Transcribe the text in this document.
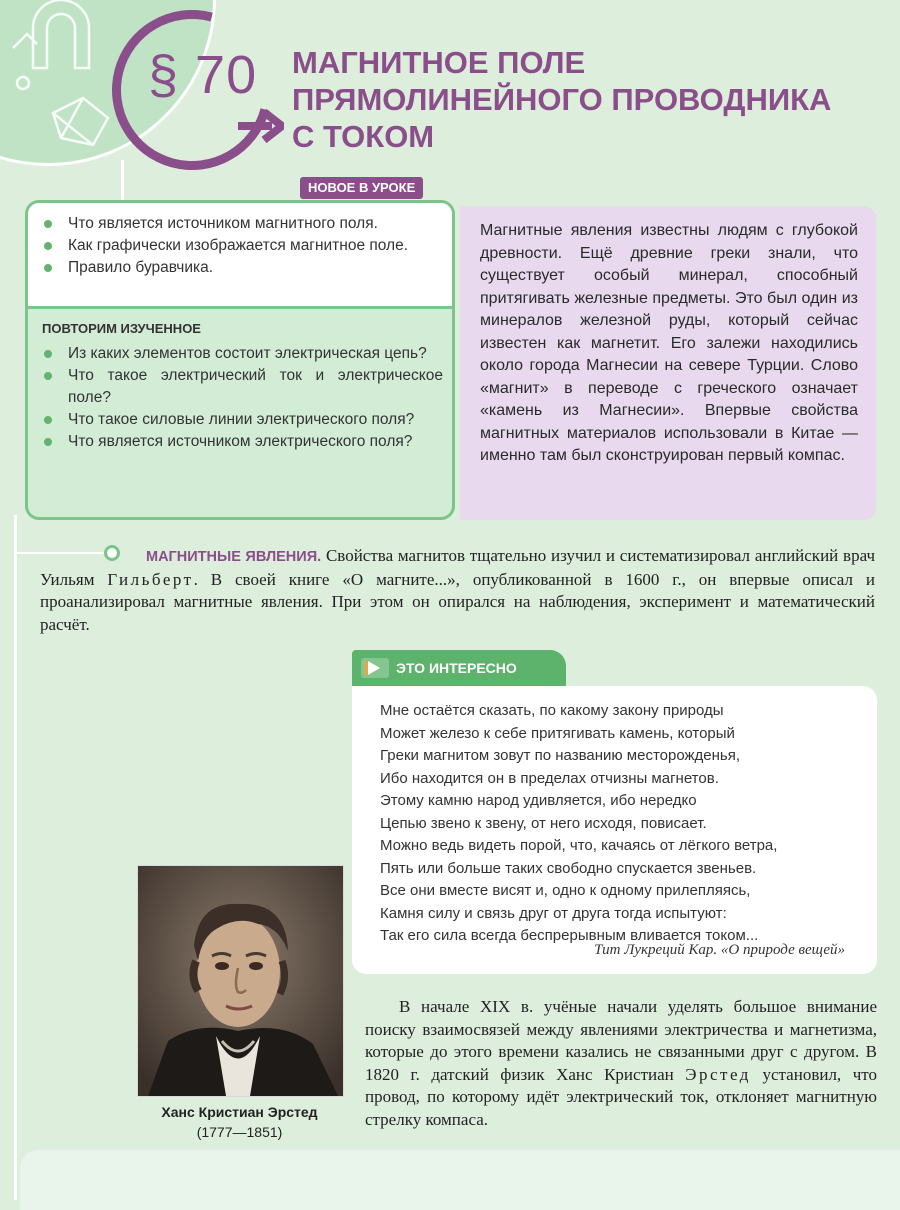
§ 70 МАГНИТНОЕ ПОЛЕ
ПРЯМОЛИНЕЙНОГО ПРОВОДНИКА
С ТОКОМ
НОВОЕ В УРОКЕ
Что является источником магнитного поля.
Как графически изображается магнитное поле.
Правило буравчика.
ПОВТОРИМ ИЗУЧЕННОЕ
Из каких элементов состоит электрическая цепь?
Что такое электрический ток и электрическое поле?
Что такое силовые линии электрического поля?
Что является источником электрического поля?
Магнитные явления известны людям с глубокой древности. Ещё древние греки знали, что существует особый минерал, способный притягивать железные предметы. Это был один из минералов железной руды, который сейчас известен как магнетит. Его залежи находились около города Магнесии на севере Турции. Слово «магнит» в переводе с греческого означает «камень из Магнесии». Впервые свойства магнитных материалов использовали в Китае — именно там был сконструирован первый компас.

МАГНИТНЫЕ ЯВЛЕНИЯ. Свойства магнитов тщательно изучил и систематизировал английский врач Уильям Гильберт. В своей книге «О магните...», опубликованной в 1600 г., он впервые описал и проанализировал магнитные явления. При этом он опирался на наблюдения, эксперимент и математический расчёт.

ЭТО ИНТЕРЕСНО
Мне остаётся сказать, по какому закону природы
Может железо к себе притягивать камень, который
Греки магнитом зовут по названию месторожденья,
Ибо находится он в пределах отчизны магнетов.
Этому камню народ удивляется, ибо нередко
Цепью звено к звену, от него исходя, повисает.
Можно ведь видеть порой, что, качаясь от лёгкого ветра,
Пять или больше таких свободно спускается звеньев.
Все они вместе висят и, одно к одному прилепляясь,
Камня силу и связь друг от друга тогда испытуют:
Так его сила всегда беспрерывным вливается током...

Тит Лукреций Кар. «О природе вещей»

Ханс Кристиан Эрстед

(1777—1851)

В начале XIX в. учёные начали уделять большое внимание поиску взаимосвязей между явлениями электричества и магнетизма, которые до этого времени казались не связанными друг с другом. В 1820 г. датский физик Ханс Кристиан Эрстед установил, что провод, по которому идёт электрический ток, отклоняет магнитную стрелку компаса.
